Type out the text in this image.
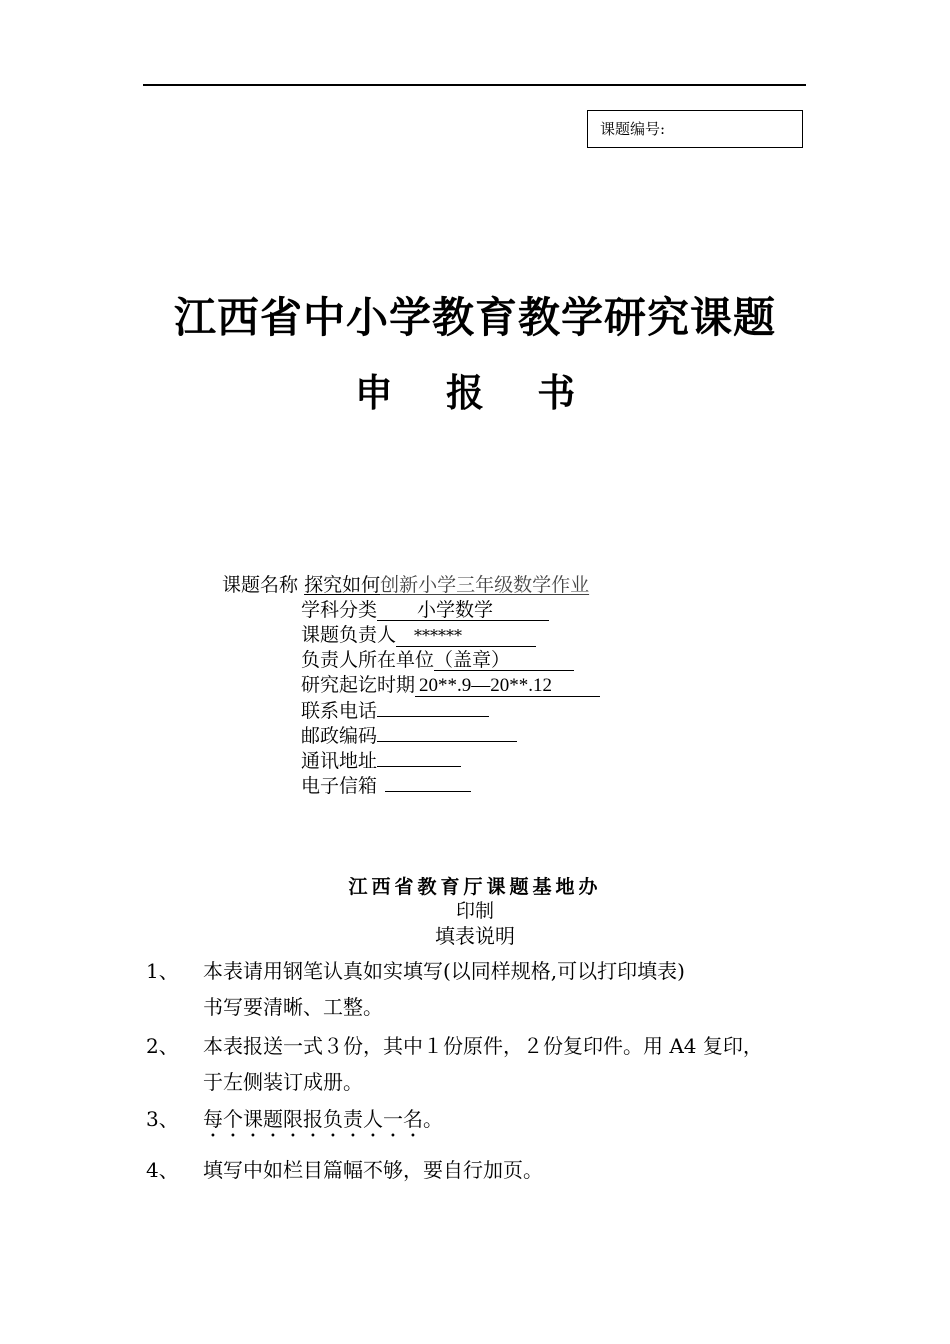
课题编号:
江西省中小学教育教学研究课题
申 报 书
课题名称 探究如何创新小学三年级数学作业
学科分类 小学数学
课题负责人 ******
负责人所在单位（盖章）
研究起讫时期 20**.9—20**.12
联系电话
邮政编码
通讯地址
电子信箱
江西省教育厅课题基地办
印制
填表说明
1、 本表请用钢笔认真如实填写(以同样规格,可以打印填表)
书写要清晰、工整。
2、 本表报送一式３份，其中１份原件，２份复印件。用 A4 复印，
于左侧装订成册。
3、 每个课题限报负责人一名。
4、 填写中如栏目篇幅不够，要自行加页。
